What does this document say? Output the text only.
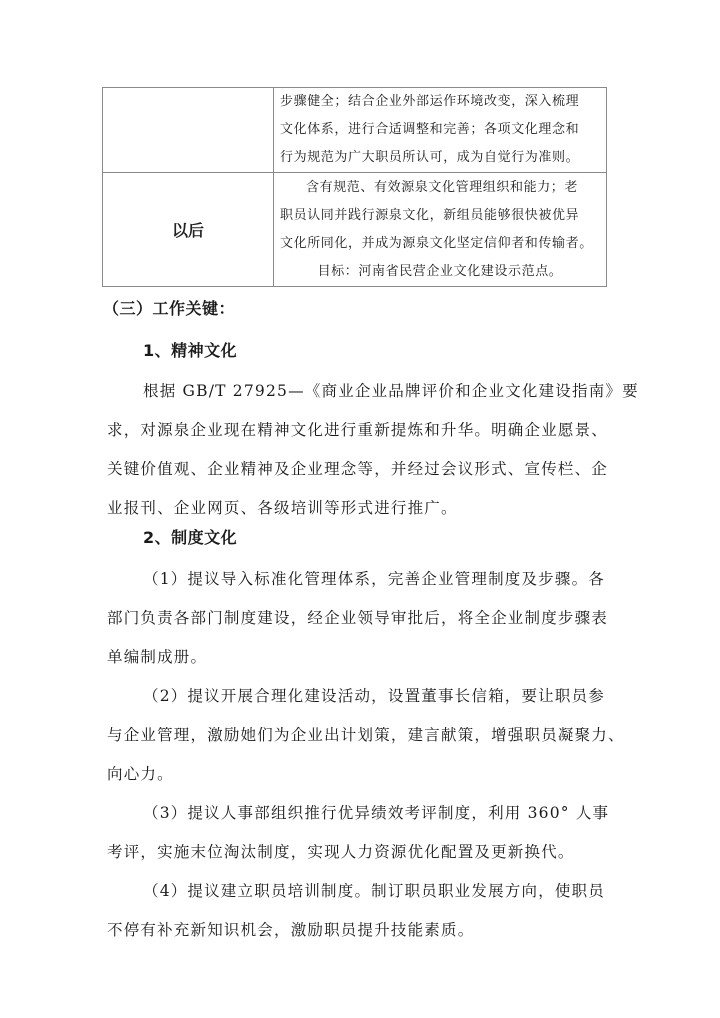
	步骤健全；结合企业外部运作环境改变，深入梳理
文化体系，进行合适调整和完善；各项文化理念和
行为规范为广大职员所认可，成为自觉行为准则。

以后	含有规范、有效源泉文化管理组织和能力；老
职员认同并践行源泉文化，新组员能够很快被优异
文化所同化，并成为源泉文化坚定信仰者和传输者。
目标：河南省民营企业文化建设示范点。
（三）工作关键：
1、精神文化
根据 GB/T 27925—《商业企业品牌评价和企业文化建设指南》要
求，对源泉企业现在精神文化进行重新提炼和升华。明确企业愿景、
关键价值观、企业精神及企业理念等，并经过会议形式、宣传栏、企
业报刊、企业网页、各级培训等形式进行推广。
2、制度文化
（1）提议导入标准化管理体系，完善企业管理制度及步骤。各
部门负责各部门制度建设，经企业领导审批后，将全企业制度步骤表
单编制成册。
（2）提议开展合理化建设活动，设置董事长信箱，要让职员参
与企业管理，激励她们为企业出计划策，建言献策，增强职员凝聚力、
向心力。
（3）提议人事部组织推行优异绩效考评制度，利用 360° 人事
考评，实施末位淘汰制度，实现人力资源优化配置及更新换代。
（4）提议建立职员培训制度。制订职员职业发展方向，使职员
不停有补充新知识机会，激励职员提升技能素质。
